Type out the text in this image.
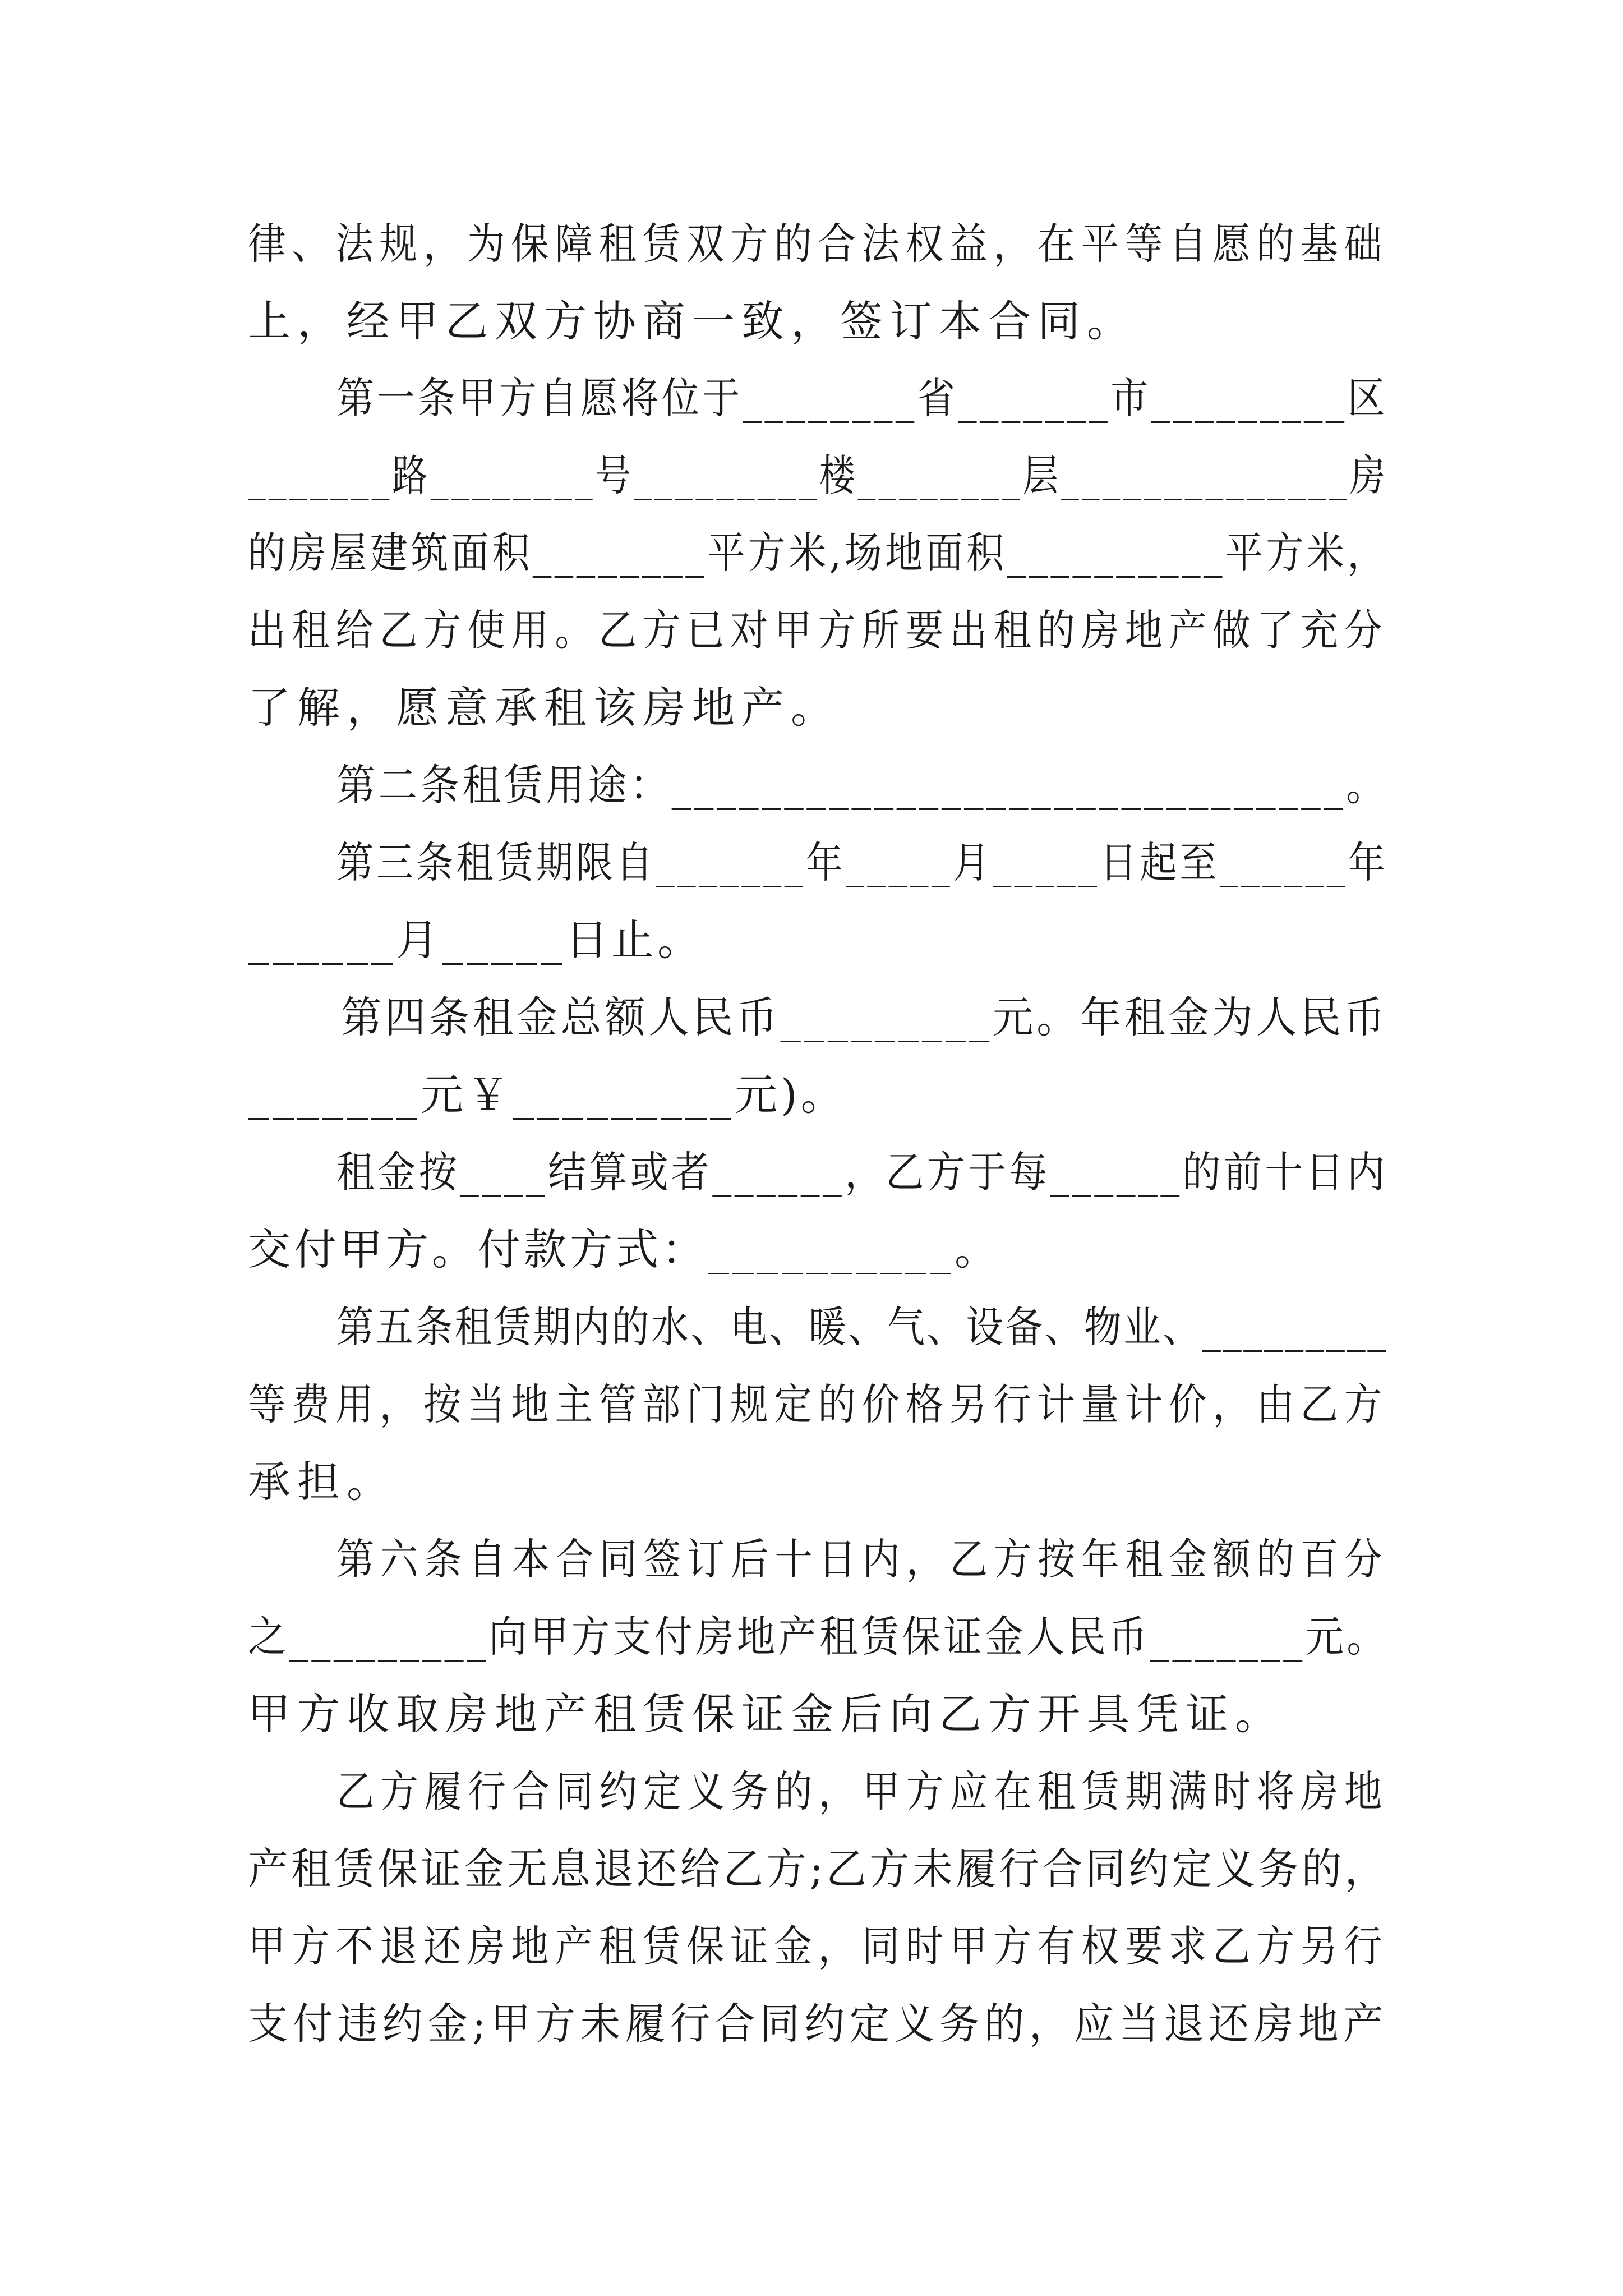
律、法规，为保障租赁双方的合法权益，在平等自愿的基础

上，经甲乙双方协商一致，签订本合同。

第一条甲方自愿将位于________省_______市_________区

_______路________号_________楼________层______________房

的房屋建筑面积________平方米,场地面积__________平方米，

出租给乙方使用。乙方已对甲方所要出租的房地产做了充分

了解，愿意承租该房地产。

第二条租赁用途：______________________________。

第三条租赁期限自_______年_____月_____日起至______年

______月_____日止。

第四条租金总额人民币_________元。年租金为人民币

_______元￥_________元)。

租金按____结算或者______，乙方于每______的前十日内

交付甲方。付款方式：__________。

第五条租赁期内的水、电、暖、气、设备、物业、_________

等费用，按当地主管部门规定的价格另行计量计价，由乙方

承担。

第六条自本合同签订后十日内，乙方按年租金额的百分

之_________向甲方支付房地产租赁保证金人民币_______元。

甲方收取房地产租赁保证金后向乙方开具凭证。

乙方履行合同约定义务的，甲方应在租赁期满时将房地

产租赁保证金无息退还给乙方;乙方未履行合同约定义务的，

甲方不退还房地产租赁保证金，同时甲方有权要求乙方另行

支付违约金;甲方未履行合同约定义务的，应当退还房地产
